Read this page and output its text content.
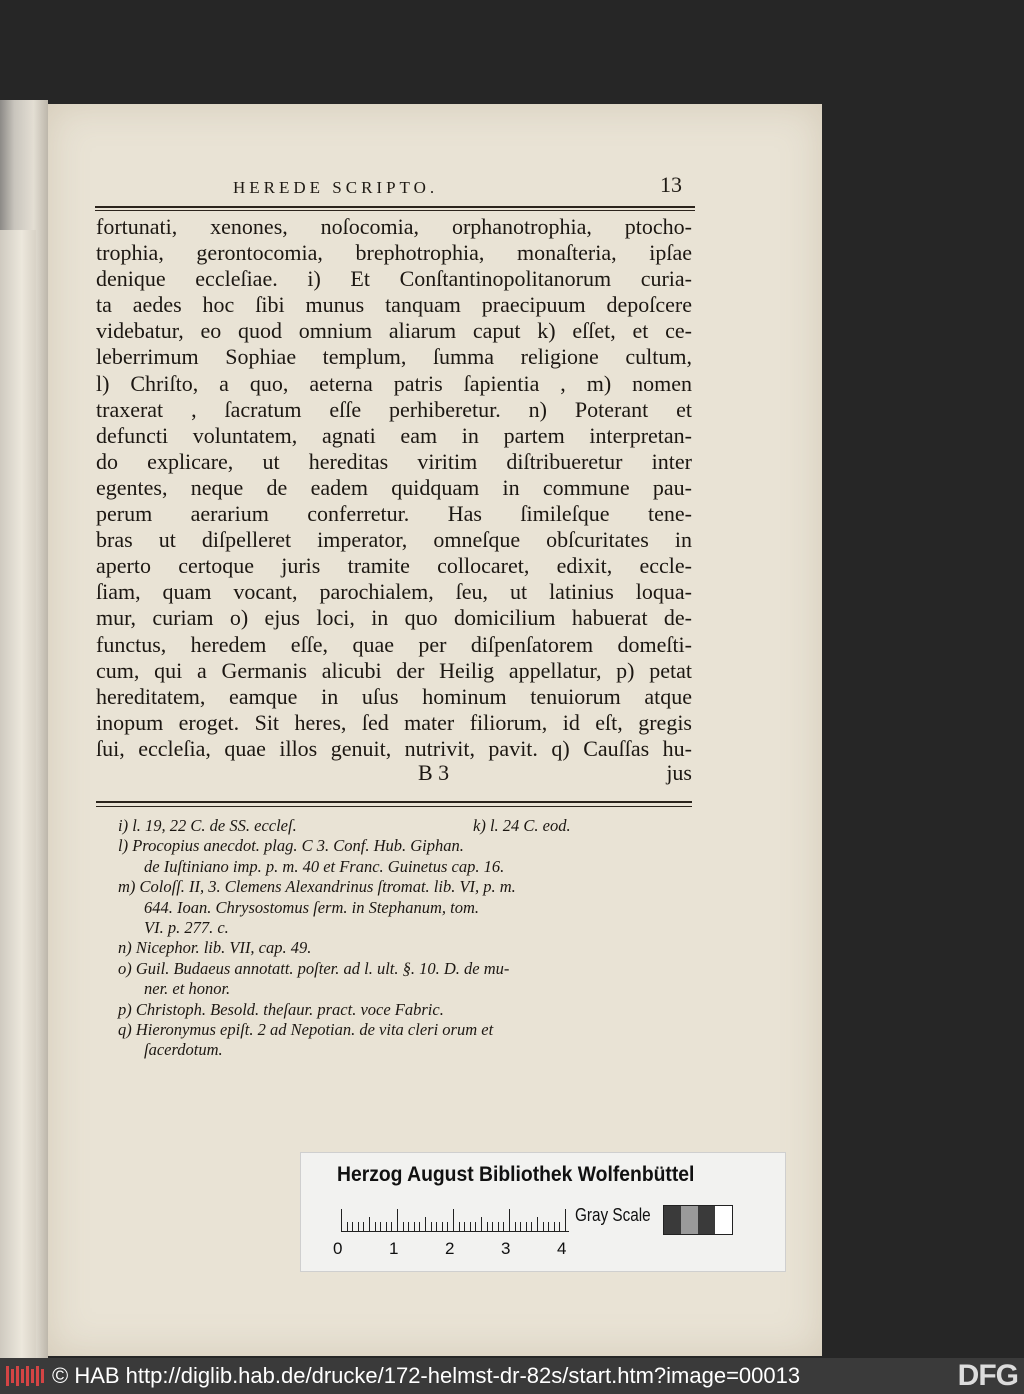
HEREDE SCRIPTO.	13
fortunati, xenones, noſocomia, orphanotrophia, ptocho-
trophia, gerontocomia, brephotrophia, monaſteria, ipſae
denique eccleſiae. i) Et Conſtantinopolitanorum curia-
ta aedes hoc ſibi munus tanquam praecipuum depoſcere
videbatur, eo quod omnium aliarum caput k) eſſet, et ce-
leberrimum Sophiae templum, ſumma religione cultum,
l) Chriſto, a quo, aeterna patris ſapientia , m) nomen
traxerat , ſacratum eſſe perhiberetur. n) Poterant et
defuncti voluntatem, agnati eam in partem interpretan-
do explicare, ut hereditas viritim diſtribueretur inter
egentes, neque de eadem quidquam in commune pau-
perum aerarium conferretur. Has ſimileſque tene-
bras ut diſpelleret imperator, omneſque obſcuritates in
aperto certoque juris tramite collocaret, edixit, eccle-
ſiam, quam vocant, parochialem, ſeu, ut latinius loqua-
mur, curiam o) ejus loci, in quo domicilium habuerat de-
functus, heredem eſſe, quae per diſpenſatorem domeſti-
cum, qui a Germanis alicubi der Heilig appellatur, p) petat
hereditatem, eamque in uſus hominum tenuiorum atque
inopum eroget. Sit heres, ſed mater filiorum, id eſt, gregis
ſui, eccleſia, quae illos genuit, nutrivit, pavit. q) Cauſſas hu-
B 3	jus
i) l. 19, 22 C. de SS. eccleſ.	k) l. 24 C. eod.
l) Procopius anecdot. plag. C 3. Conf. Hub. Giphan.
de Iuſtiniano imp. p. m. 40 et Franc. Guinetus cap. 16.
m) Coloſſ. II, 3. Clemens Alexandrinus ſtromat. lib. VI, p. m.
644. Ioan. Chrysostomus ſerm. in Stephanum, tom.
VI. p. 277. c.
n) Nicephor. lib. VII, cap. 49.
o) Guil. Budaeus annotatt. poſter. ad l. ult. §. 10. D. de mu-
ner. et honor.
p) Christoph. Besold. theſaur. pract. voce Fabric.
q) Hieronymus epiſt. 2 ad Nepotian. de vita cleri orum et
ſacerdotum.
Herzog August Bibliothek Wolfenbüttel
0	1	2	3	4
Gray Scale
© HAB http://diglib.hab.de/drucke/172-helmst-dr-82s/start.htm?image=00013	DFG
